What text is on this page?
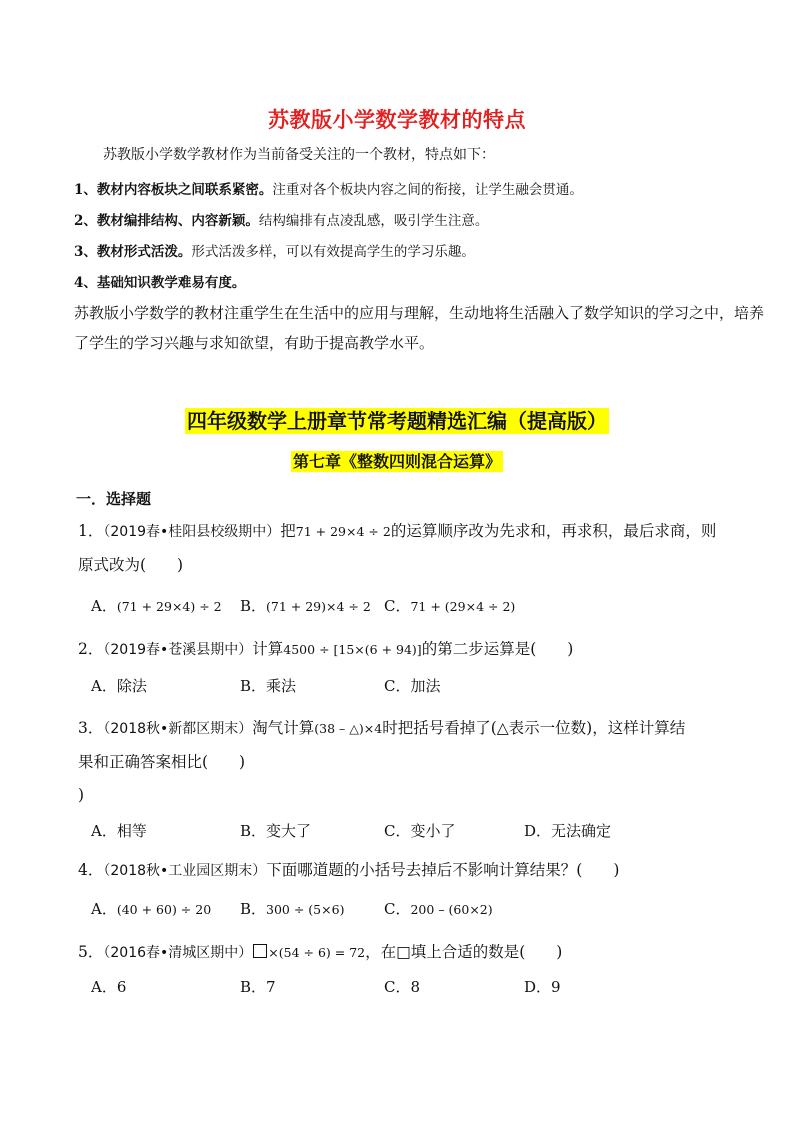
苏教版小学数学教材的特点
苏教版小学数学教材作为当前备受关注的一个教材，特点如下：
1、教材内容板块之间联系紧密。注重对各个板块内容之间的衔接，让学生融会贯通。
2、教材编排结构、内容新颖。结构编排有点凌乱感，吸引学生注意。
3、教材形式活泼。形式活泼多样，可以有效提高学生的学习乐趣。
4、基础知识教学难易有度。
苏教版小学数学的教材注重学生在生活中的应用与理解，生动地将生活融入了数学知识的学习之中，培养
了学生的学习兴趣与求知欲望，有助于提高教学水平。
四年级数学上册章节常考题精选汇编（提高版）
第七章《整数四则混合运算》
一．选择题
1．（2019春•桂阳县校级期中）把71 + 29×4 ÷ 2的运算顺序改为先求和，再求积，最后求商，则
原式改为(　　)
A．(71 + 29×4) ÷ 2 B．(71 + 29)×4 ÷ 2 C．71 + (29×4 ÷ 2)
2．（2019春•苍溪县期中）计算4500 ÷ [15×(6 + 94)]的第二步运算是(　　)
A．除法	B．乘法	C．加法
3．（2018秋•新都区期末）淘气计算(38 – △)×4时把括号看掉了(△表示一位数)，这样计算结
果和正确答案相比(　　)
)
A．相等	B．变大了	C．变小了	D．无法确定
4．（2018秋•工业园区期末）下面哪道题的小括号去掉后不影响计算结果？(　　)
A．(40 + 60) ÷ 20 B．300 ÷ (5×6)	C．200 – (60×2)
5．（2016春•清城区期中） ×(54 ÷ 6) = 72，在□填上合适的数是(　　)
A．6	B．7	C．8	D．9
